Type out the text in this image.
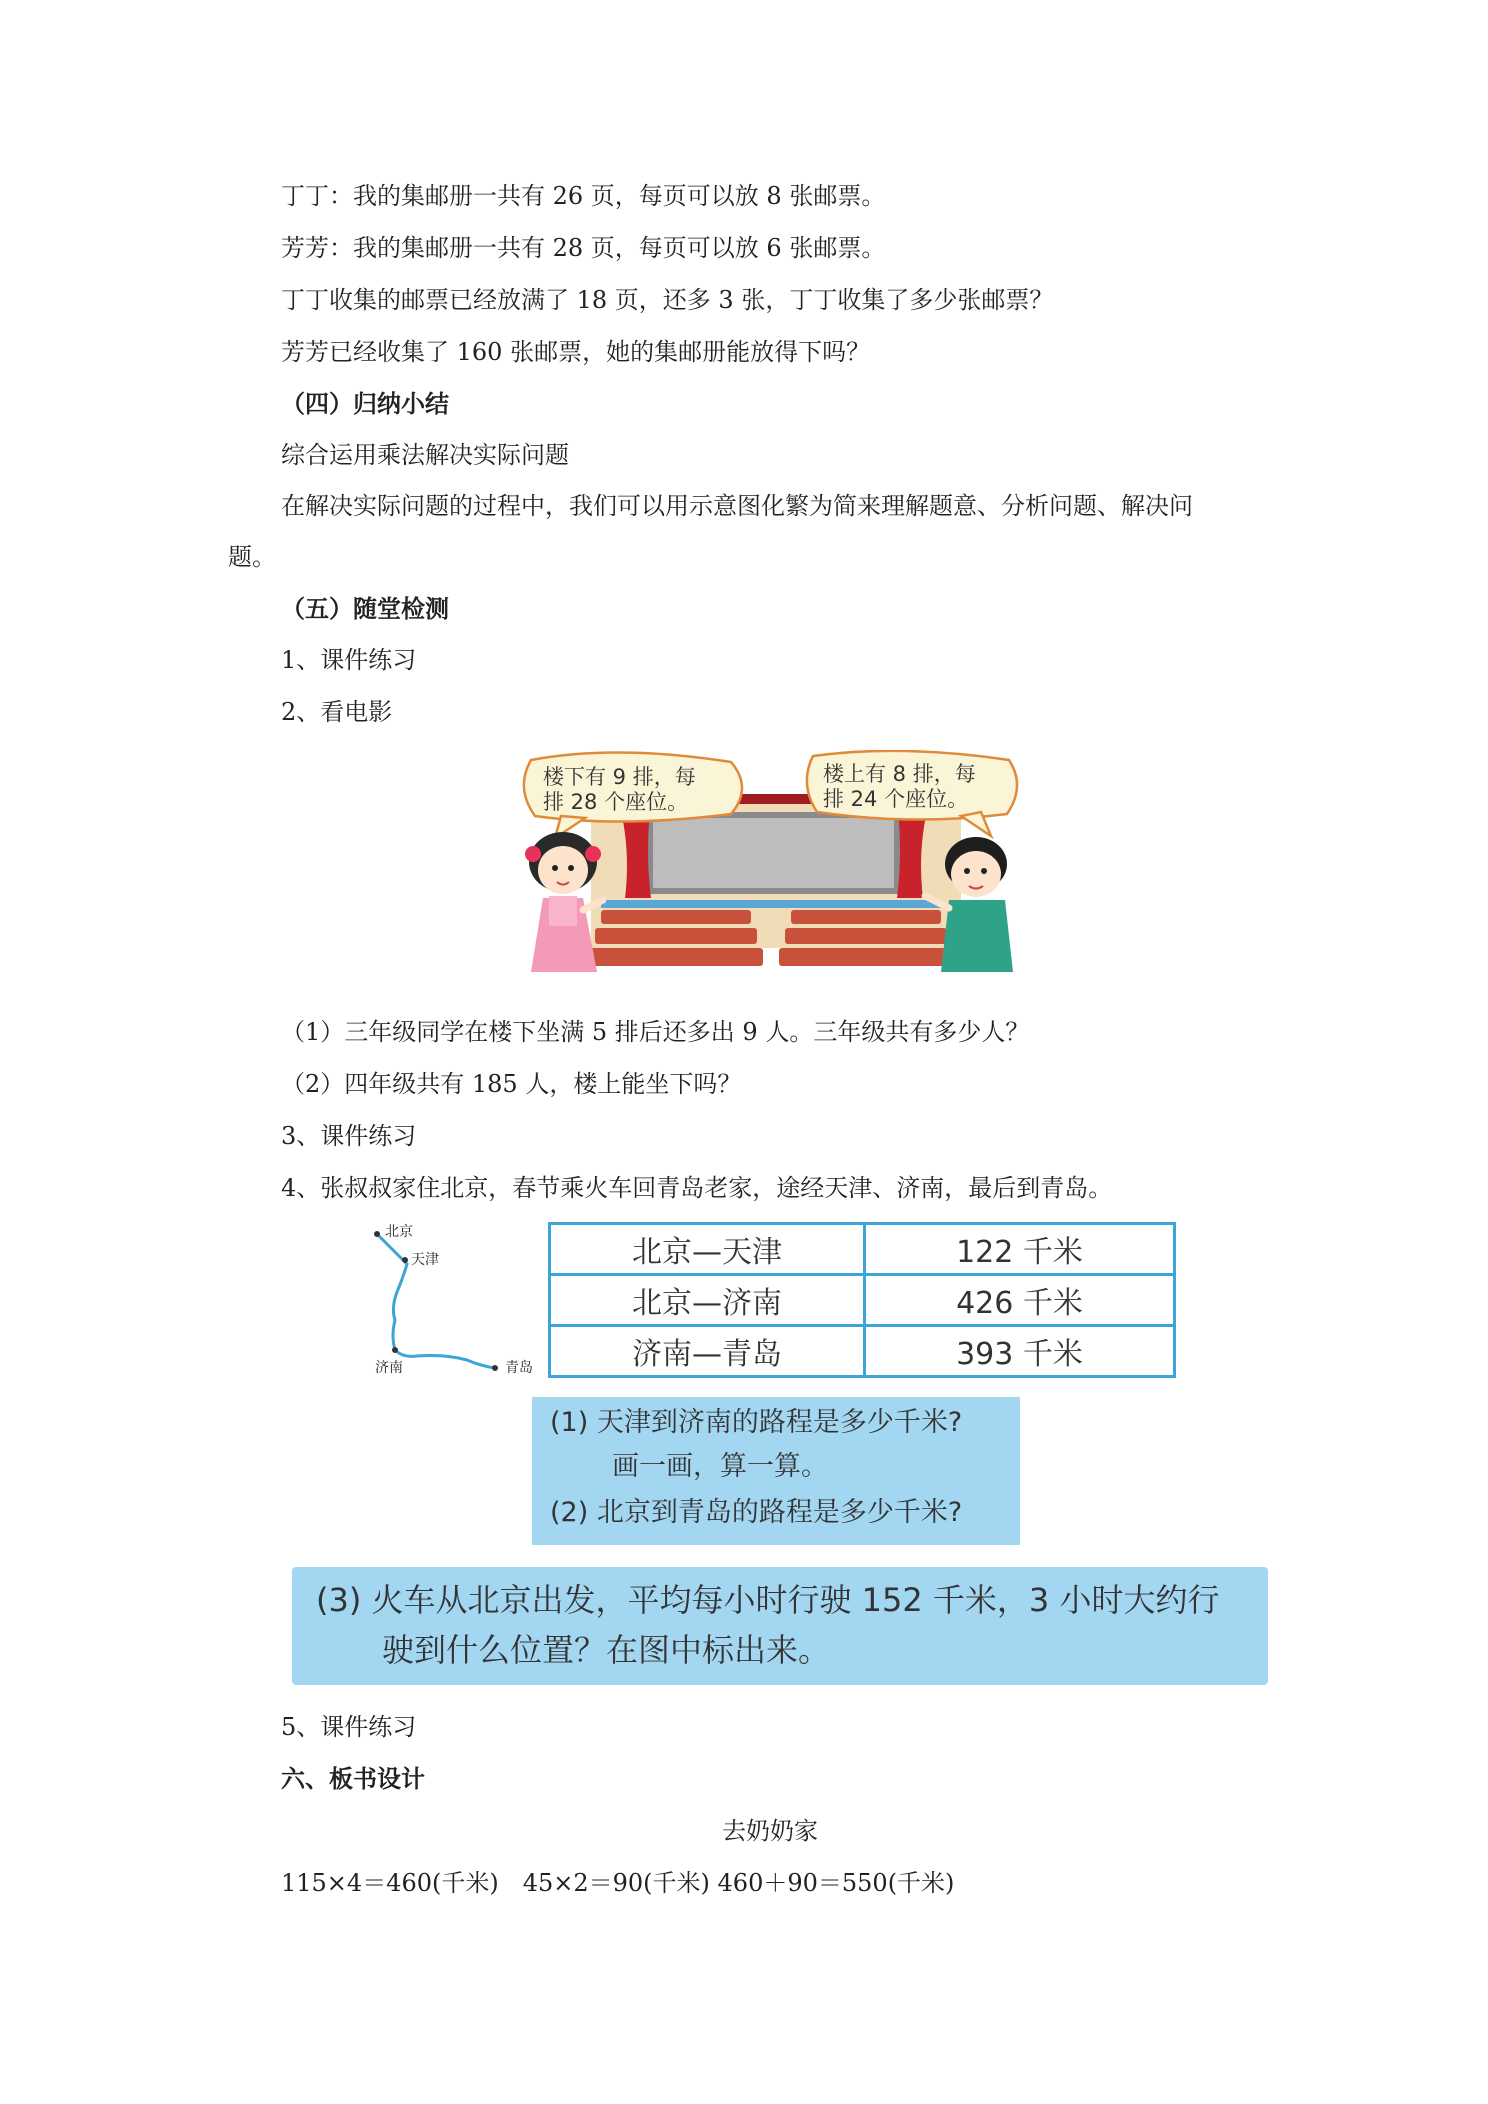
丁丁：我的集邮册一共有 26 页，每页可以放 8 张邮票。
芳芳：我的集邮册一共有 28 页，每页可以放 6 张邮票。
丁丁收集的邮票已经放满了 18 页，还多 3 张，丁丁收集了多少张邮票？
芳芳已经收集了 160 张邮票，她的集邮册能放得下吗？
（四）归纳小结
综合运用乘法解决实际问题
在解决实际问题的过程中，我们可以用示意图化繁为简来理解题意、分析问题、解决问
题。
（五）随堂检测
1、课件练习
2、看电影
楼下有 9 排，每
排 28 个座位。
楼上有 8 排，每
排 24 个座位。
（1）三年级同学在楼下坐满 5 排后还多出 9 人。三年级共有多少人？
（2）四年级共有 185 人，楼上能坐下吗？
3、课件练习
4、张叔叔家住北京，春节乘火车回青岛老家，途经天津、济南，最后到青岛。
北京
天津
济南	青岛
北京—天津	122 千米
北京—济南	426 千米
济南—青岛	393 千米
(1) 天津到济南的路程是多少千米?
画一画，算一算。
(2) 北京到青岛的路程是多少千米?
(3) 火车从北京出发，平均每小时行驶 152 千米，3 小时大约行
驶到什么位置？在图中标出来。
5、课件练习
六、板书设计
去奶奶家
115×4＝460(千米)　45×2＝90(千米) 460＋90＝550(千米)
